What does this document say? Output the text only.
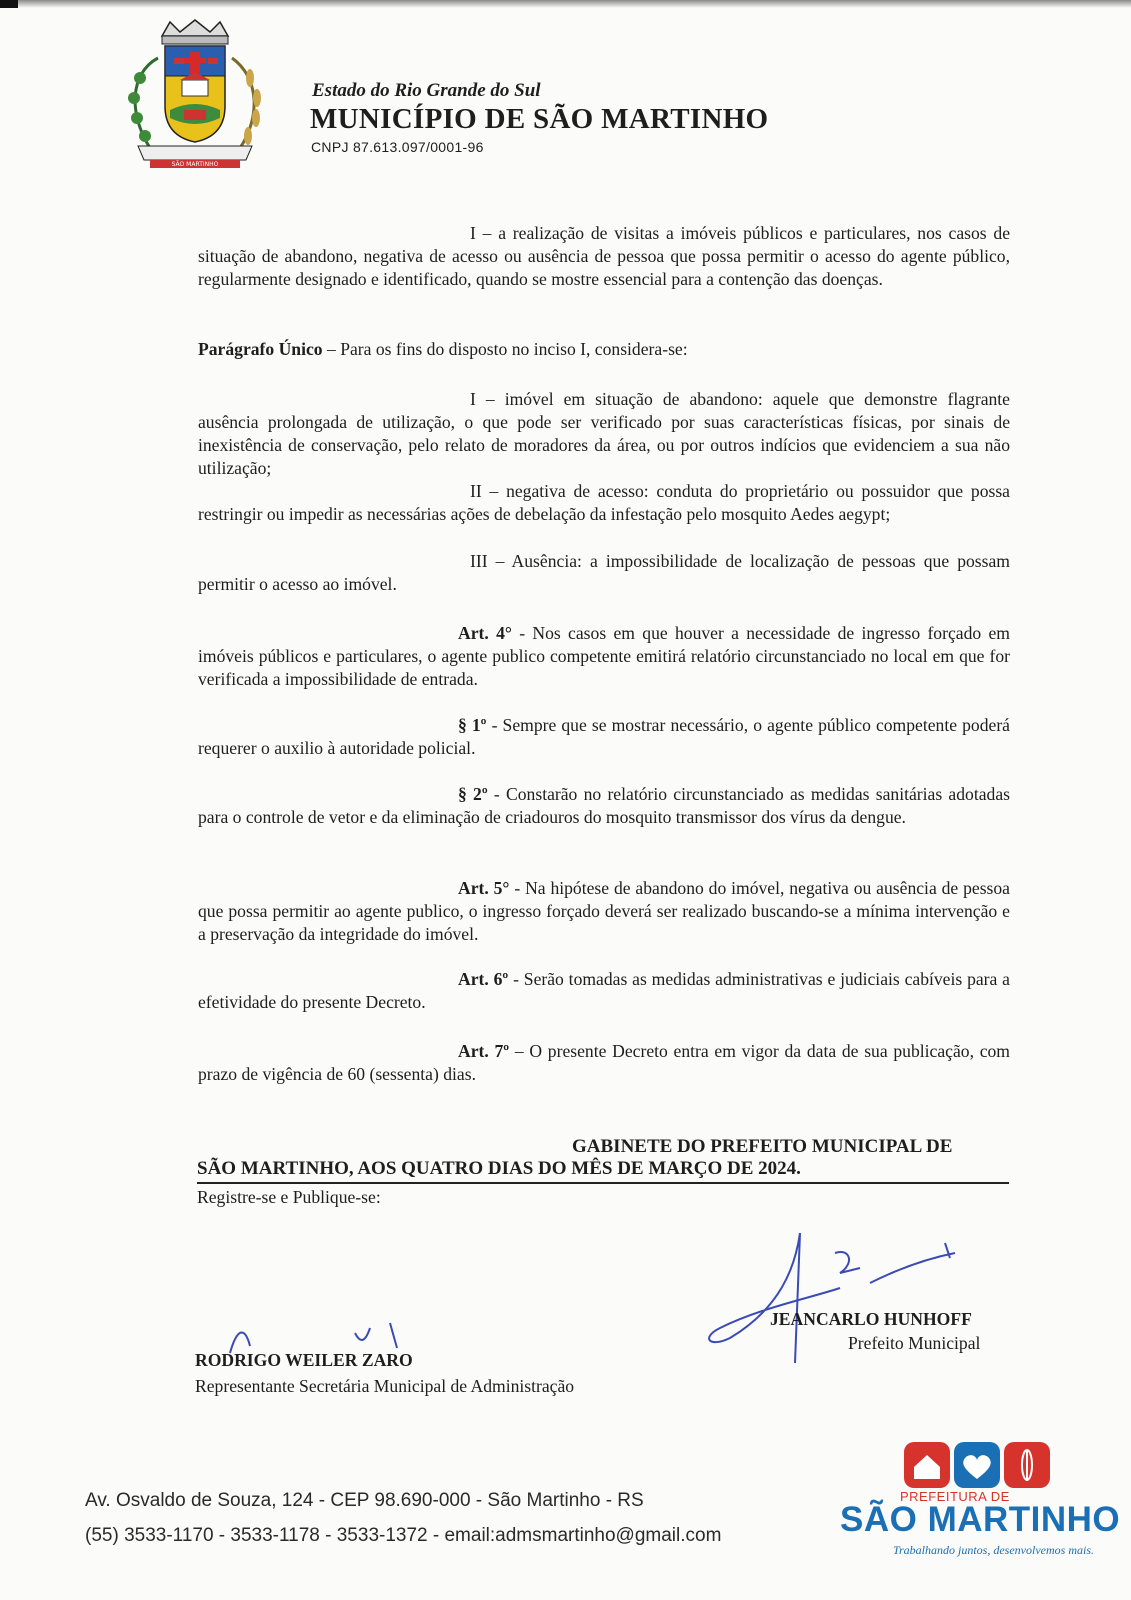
SÃO MARTINHO
Estado do Rio Grande do Sul
MUNICÍPIO DE SÃO MARTINHO
CNPJ 87.613.097/0001-96
I – a realização de visitas a imóveis públicos e particulares, nos casos de situação de abandono, negativa de acesso ou ausência de pessoa que possa permitir o acesso do agente público, regularmente designado e identificado, quando se mostre essencial para a contenção das doenças.
Parágrafo Único – Para os fins do disposto no inciso I, considera-se:
I – imóvel em situação de abandono: aquele que demonstre flagrante ausência prolongada de utilização, o que pode ser verificado por suas características físicas, por sinais de inexistência de conservação, pelo relato de moradores da área, ou por outros indícios que evidenciem a sua não utilização;
II – negativa de acesso: conduta do proprietário ou possuidor que possa restringir ou impedir as necessárias ações de debelação da infestação pelo mosquito Aedes aegypt;
III – Ausência: a impossibilidade de localização de pessoas que possam permitir o acesso ao imóvel.
Art. 4° - Nos casos em que houver a necessidade de ingresso forçado em imóveis públicos e particulares, o agente publico competente emitirá relatório circunstanciado no local em que for verificada a impossibilidade de entrada.
§ 1º - Sempre que se mostrar necessário, o agente público competente poderá requerer o auxilio à autoridade policial.
§ 2º - Constarão no relatório circunstanciado as medidas sanitárias adotadas para o controle de vetor e da eliminação de criadouros do mosquito transmissor dos vírus da dengue.
Art. 5° - Na hipótese de abandono do imóvel, negativa ou ausência de pessoa que possa permitir ao agente publico, o ingresso forçado deverá ser realizado buscando-se a mínima intervenção e a preservação da integridade do imóvel.
Art. 6º - Serão tomadas as medidas administrativas e judiciais cabíveis para a efetividade do presente Decreto.
Art. 7º – O presente Decreto entra em vigor da data de sua publicação, com prazo de vigência de 60 (sessenta) dias.
GABINETE DO PREFEITO MUNICIPAL DE
SÃO MARTINHO, AOS QUATRO DIAS DO MÊS DE MARÇO DE 2024.
Registre-se e Publique-se:
JEANCARLO HUNHOFF
Prefeito Municipal
RODRIGO WEILER ZARO
Representante Secretária Municipal de Administração
Av. Osvaldo de Souza, 124 - CEP 98.690-000 - São Martinho - RS
(55) 3533-1170 - 3533-1178 - 3533-1372 - email:admsmartinho@gmail.com
PREFEITURA DE
SÃO MARTINHO
Trabalhando juntos, desenvolvemos mais.
